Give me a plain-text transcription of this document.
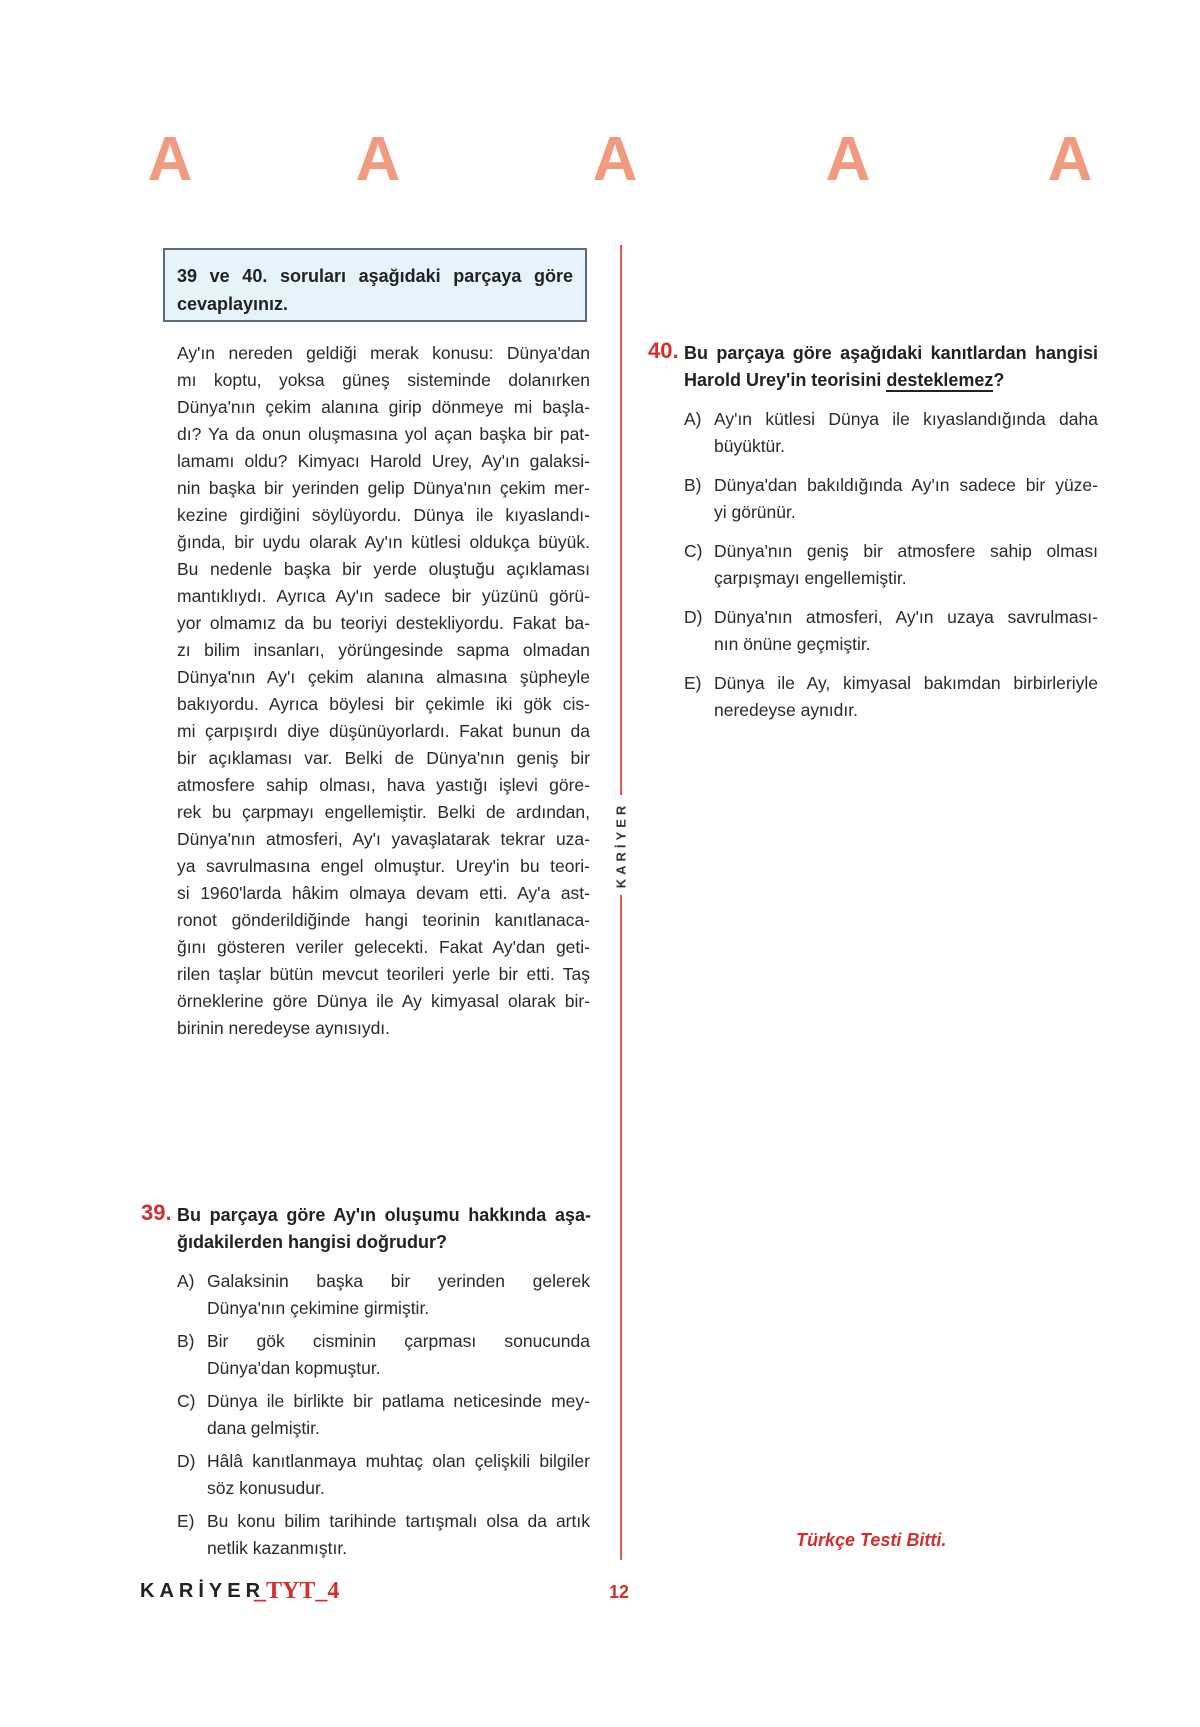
A	A	A	A	A
39 ve 40. soruları aşağıdaki parçaya göre
cevaplayınız.
Ay'ın nereden geldiği merak konusu: Dünya'dan
mı koptu, yoksa güneş sisteminde dolanırken
Dünya'nın çekim alanına girip dönmeye mi başla-
dı? Ya da onun oluşmasına yol açan başka bir pat-
lamamı oldu? Kimyacı Harold Urey, Ay'ın galaksi-
nin başka bir yerinden gelip Dünya'nın çekim mer-
kezine girdiğini söylüyordu. Dünya ile kıyaslandı-
ğında, bir uydu olarak Ay'ın kütlesi oldukça büyük.
Bu nedenle başka bir yerde oluştuğu açıklaması
mantıklıydı. Ayrıca Ay'ın sadece bir yüzünü görü-
yor olmamız da bu teoriyi destekliyordu. Fakat ba-
zı bilim insanları, yörüngesinde sapma olmadan
Dünya'nın Ay'ı çekim alanına almasına şüpheyle
bakıyordu. Ayrıca böylesi bir çekimle iki gök cis-
mi çarpışırdı diye düşünüyorlardı. Fakat bunun da
bir açıklaması var. Belki de Dünya'nın geniş bir
atmosfere sahip olması, hava yastığı işlevi göre-
rek bu çarpmayı engellemiştir. Belki de ardından,
Dünya'nın atmosferi, Ay'ı yavaşlatarak tekrar uza-
ya savrulmasına engel olmuştur. Urey'in bu teori-
si 1960'larda hâkim olmaya devam etti. Ay'a ast-
ronot gönderildiğinde hangi teorinin kanıtlanaca-
ğını gösteren veriler gelecekti. Fakat Ay'dan geti-
rilen taşlar bütün mevcut teorileri yerle bir etti. Taş
örneklerine göre Dünya ile Ay kimyasal olarak bir-
birinin neredeyse aynısıydı.
KARİYER
40. Bu parçaya göre aşağıdaki kanıtlardan hangisi
Harold Urey'in teorisini desteklemez?
A) Ay'ın kütlesi Dünya ile kıyaslandığında daha
büyüktür.
B) Dünya'dan bakıldığında Ay'ın sadece bir yüze-
yi görünür.
C) Dünya'nın geniş bir atmosfere sahip olması
çarpışmayı engellemiştir.
D) Dünya'nın atmosferi, Ay'ın uzaya savrulması-
nın önüne geçmiştir.
E) Dünya ile Ay, kimyasal bakımdan birbirleriyle
neredeyse aynıdır.
39. Bu parçaya göre Ay'ın oluşumu hakkında aşa-
ğıdakilerden hangisi doğrudur?
A) Galaksinin başka bir yerinden gelerek
Dünya'nın çekimine girmiştir.
B) Bir gök cisminin çarpması sonucunda
Dünya'dan kopmuştur.
C) Dünya ile birlikte bir patlama neticesinde mey-
dana gelmiştir.
D) Hâlâ kanıtlanmaya muhtaç olan çelişkili bilgiler
söz konusudur.
E) Bu konu bilim tarihinde tartışmalı olsa da artık
netlik kazanmıştır.	Türkçe Testi Bitti.
KARİYER
_TYT_4	12
